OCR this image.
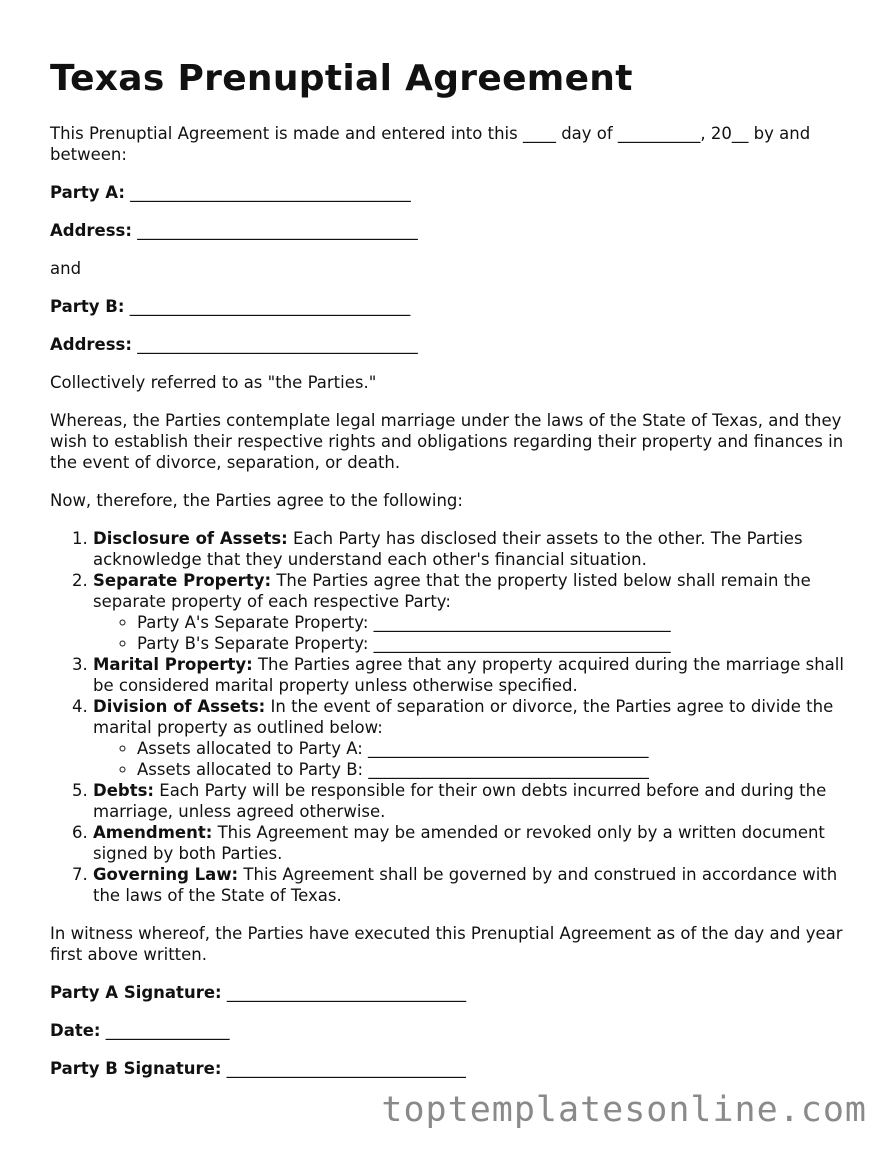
Texas Prenuptial Agreement

This Prenuptial Agreement is made and entered into this ____ day of __________, 20__ by and between:

Party A: __________________________________

Address: __________________________________

and

Party B: __________________________________

Address: __________________________________

Collectively referred to as "the Parties."

Whereas, the Parties contemplate legal marriage under the laws of the State of Texas, and they wish to establish their respective rights and obligations regarding their property and finances in the event of divorce, separation, or death.

Now, therefore, the Parties agree to the following:

1. Disclosure of Assets: Each Party has disclosed their assets to the other. The Parties acknowledge that they understand each other's financial situation.
2. Separate Property: The Parties agree that the property listed below shall remain the separate property of each respective Party:
◦ Party A's Separate Property: ____________________________________
◦ Party B's Separate Property: ____________________________________
3. Marital Property: The Parties agree that any property acquired during the marriage shall be considered marital property unless otherwise specified.
4. Division of Assets: In the event of separation or divorce, the Parties agree to divide the marital property as outlined below:
◦ Assets allocated to Party A: __________________________________
◦ Assets allocated to Party B: __________________________________
5. Debts: Each Party will be responsible for their own debts incurred before and during the marriage, unless agreed otherwise.
6. Amendment: This Agreement may be amended or revoked only by a written document signed by both Parties.
7. Governing Law: This Agreement shall be governed by and construed in accordance with the laws of the State of Texas.

In witness whereof, the Parties have executed this Prenuptial Agreement as of the day and year first above written.

Party A Signature: _____________________________

Date: _______________

Party B Signature: _____________________________

toptemplatesonline.com
